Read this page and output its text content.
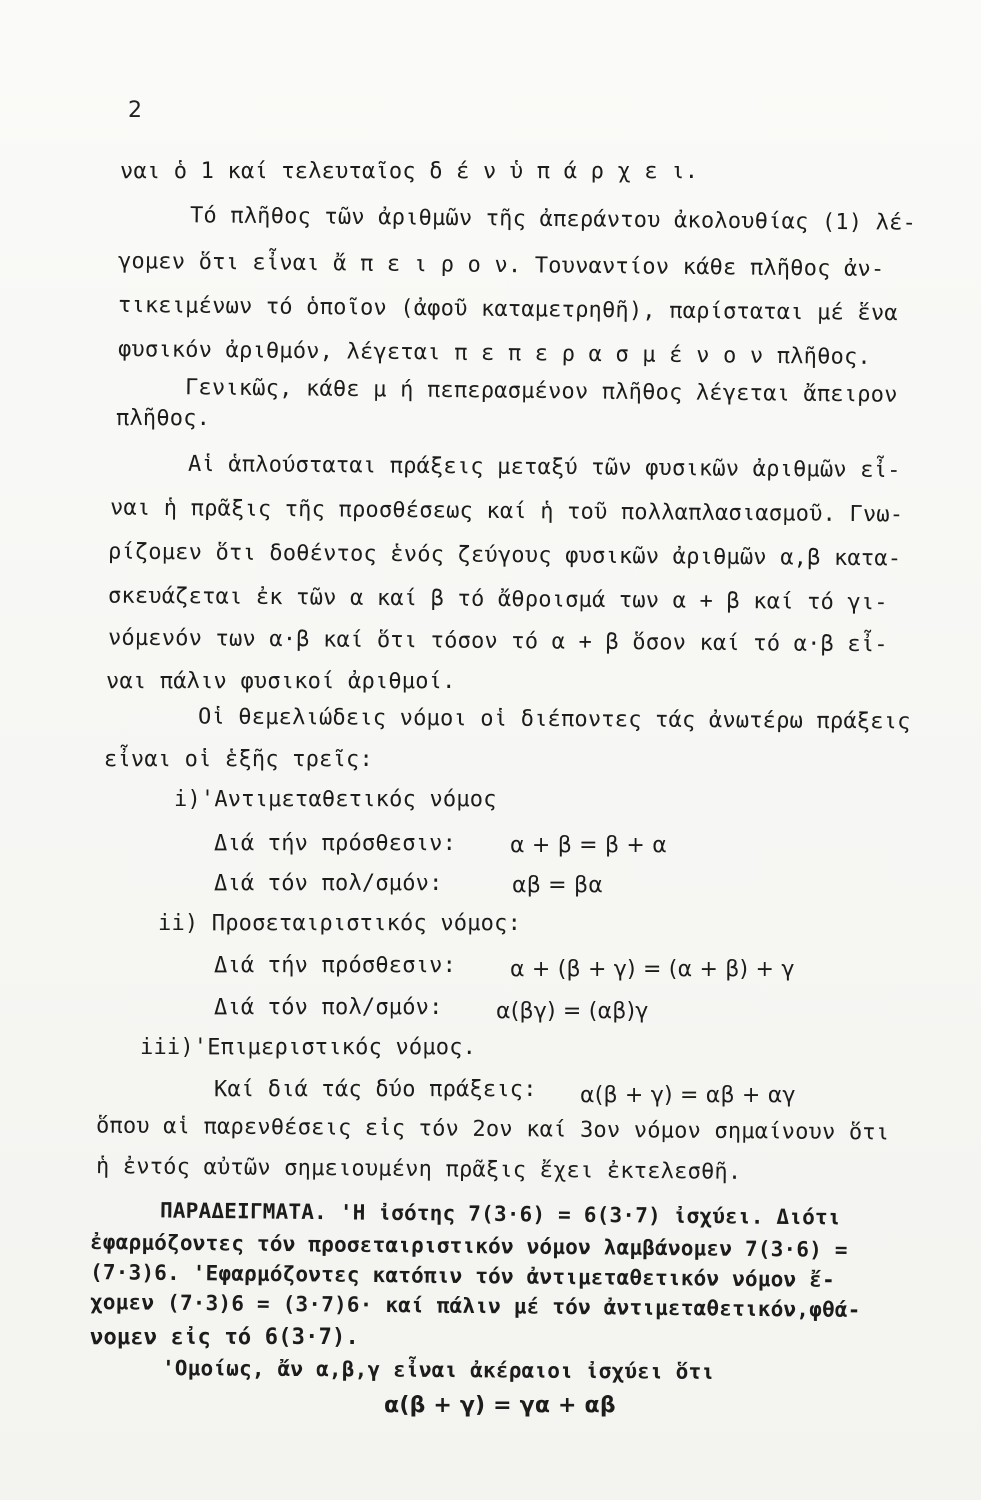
2
ναι ὁ 1 καί τελευταῖος δ έ ν ὑ π ά ρ χ ε ι.
Τό πλῆθος τῶν ἀριθμῶν τῆς ἀπεράντου ἀκολουθίας (1) λέ-
γομεν ὅτι εἶναι ἄ π ε ι ρ ο ν. Τουναντίον κάθε πλῆθος ἀν-
τικειμένων τό ὁποῖον (ἀφοῦ καταμετρηθῆ), παρίσταται μέ ἕνα
φυσικόν ἀριθμόν, λέγεται π ε π ε ρ α σ μ έ ν ο ν πλῆθος.
Γενικῶς, κάθε μ ή πεπερασμένον πλῆθος λέγεται ἄπειρον
πλῆθος.
Αἱ ἁπλούσταται πράξεις μεταξύ τῶν φυσικῶν ἀριθμῶν εἶ-
ναι ἡ πρᾶξις τῆς προσθέσεως καί ἡ τοῦ πολλαπλασιασμοῦ. Γνω-
ρίζομεν ὅτι δοθέντος ἑνός ζεύγους φυσικῶν ἀριθμῶν α,β κατα-
σκευάζεται ἐκ τῶν α καί β τό ἄθροισμά των α + β καί τό γι-
νόμενόν των α·β καί ὅτι τόσον τό α + β ὅσον καί τό α·β εἶ-
ναι πάλιν φυσικοί ἀριθμοί.
Οἱ θεμελιώδεις νόμοι οἱ διέποντες τάς ἀνωτέρω πράξεις
εἶναι οἱ ἑξῆς τρεῖς:
i)'Αντιμεταθετικός νόμος
Διά τήν πρόσθεσιν: α + β = β + α
Διά τόν πολ/σμόν:	αβ = βα
ii) Προσεταιριστικός νόμος:
Διά τήν πρόσθεσιν: α + (β + γ) = (α + β) + γ
Διά τόν πολ/σμόν: α(βγ) = (αβ)γ
iii)'Επιμεριστικός νόμος.
Καί διά τάς δύο πράξεις: α(β + γ) = αβ + αγ
ὅπου αἱ παρενθέσεις εἰς τόν 2ον καί 3ον νόμον σημαίνουν ὅτι
ἡ ἐντός αὐτῶν σημειουμένη πρᾶξις ἔχει ἐκτελεσθῆ.
ΠΑΡΑΔΕΙΓΜΑΤΑ. 'Η ἰσότης 7(3·6) = 6(3·7) ἰσχύει. Διότι
ἐφαρμόζοντες τόν προσεταιριστικόν νόμον λαμβάνομεν 7(3·6) =
(7·3)6. 'Εφαρμόζοντες κατόπιν τόν ἀντιμεταθετικόν νόμον ἔ-
χομεν (7·3)6 = (3·7)6· καί πάλιν μέ τόν ἀντιμεταθετικόν,φθά-
νομεν εἰς τό 6(3·7).
'Ομοίως, ἄν α,β,γ εἶναι ἀκέραιοι ἰσχύει ὅτι
α(β + γ) = γα + αβ
